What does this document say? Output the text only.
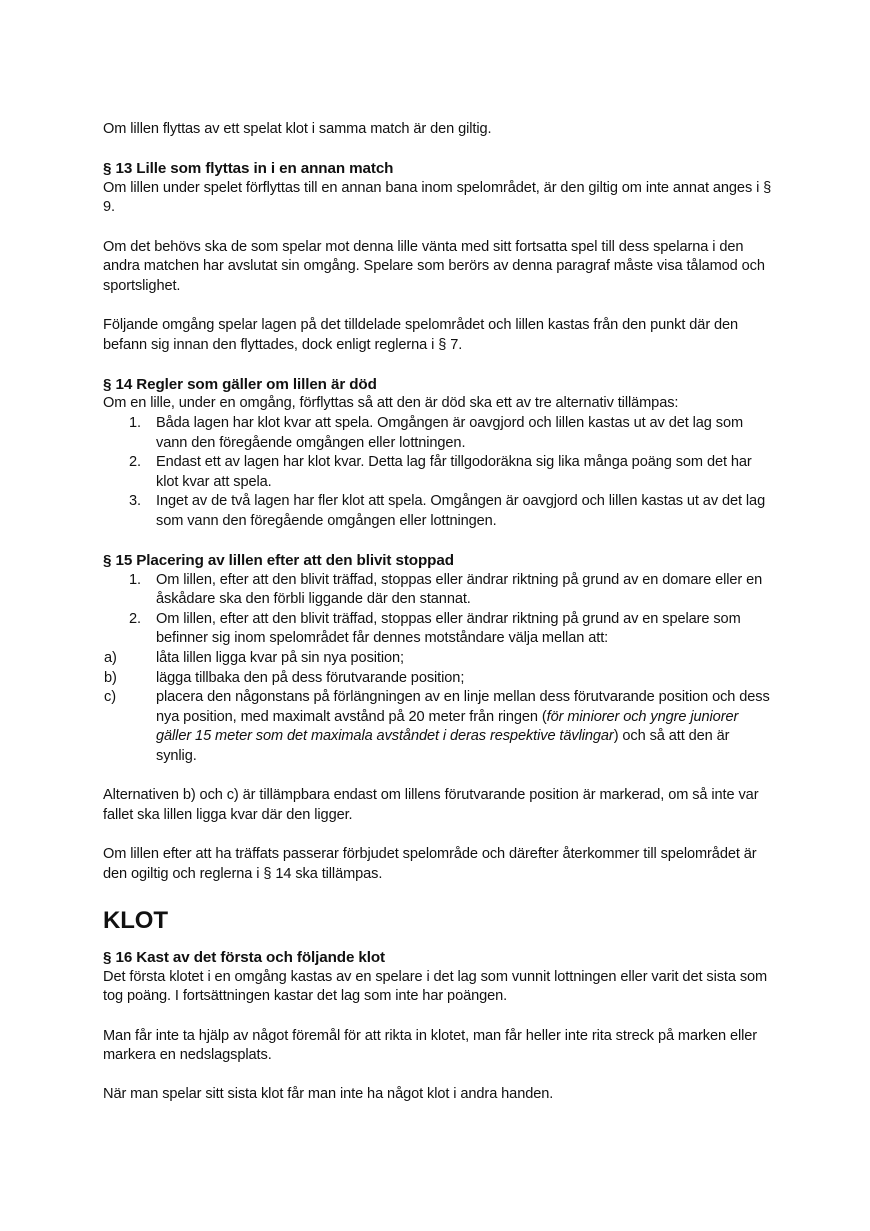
Om lillen flyttas av ett spelat klot i samma match är den giltig.

§ 13 Lille som flyttas in i en annan match

Om lillen under spelet förflyttas till en annan bana inom spelområdet, är den giltig om inte annat anges i § 9.

Om det behövs ska de som spelar mot denna lille vänta med sitt fortsatta spel till dess spelarna i den andra matchen har avslutat sin omgång. Spelare som berörs av denna paragraf måste visa tålamod och sportslighet.

Följande omgång spelar lagen på det tilldelade spelområdet och lillen kastas från den punkt där den befann sig innan den flyttades, dock enligt reglerna i § 7.

§ 14 Regler som gäller om lillen är död

Om en lille, under en omgång, förflyttas så att den är död ska ett av tre alternativ tillämpas:

1. Båda lagen har klot kvar att spela. Omgången är oavgjord och lillen kastas ut av det lag som vann den föregående omgången eller lottningen.
2. Endast ett av lagen har klot kvar. Detta lag får tillgodoräkna sig lika många poäng som det har klot kvar att spela.
3. Inget av de två lagen har fler klot att spela. Omgången är oavgjord och lillen kastas ut av det lag som vann den föregående omgången eller lottningen.

§ 15 Placering av lillen efter att den blivit stoppad

1. Om lillen, efter att den blivit träffad, stoppas eller ändrar riktning på grund av en domare eller en åskådare ska den förbli liggande där den stannat.
2. Om lillen, efter att den blivit träffad, stoppas eller ändrar riktning på grund av en spelare som befinner sig inom spelområdet får dennes motståndare välja mellan att:
a)	låta lillen ligga kvar på sin nya position;
b)	lägga tillbaka den på dess förutvarande position;
c)	placera den någonstans på förlängningen av en linje mellan dess förutvarande position och dess nya position, med maximalt avstånd på 20 meter från ringen (för miniorer och yngre juniorer gäller 15 meter som det maximala avståndet i deras respektive tävlingar) och så att den är synlig.

Alternativen b) och c) är tillämpbara endast om lillens förutvarande position är markerad, om så inte var fallet ska lillen ligga kvar där den ligger.

Om lillen efter att ha träffats passerar förbjudet spelområde och därefter återkommer till spelområdet är den ogiltig och reglerna i § 14 ska tillämpas.

KLOT

§ 16 Kast av det första och följande klot

Det första klotet i en omgång kastas av en spelare i det lag som vunnit lottningen eller varit det sista som tog poäng. I fortsättningen kastar det lag som inte har poängen.

Man får inte ta hjälp av något föremål för att rikta in klotet, man får heller inte rita streck på marken eller markera en nedslagsplats.

När man spelar sitt sista klot får man inte ha något klot i andra handen.
